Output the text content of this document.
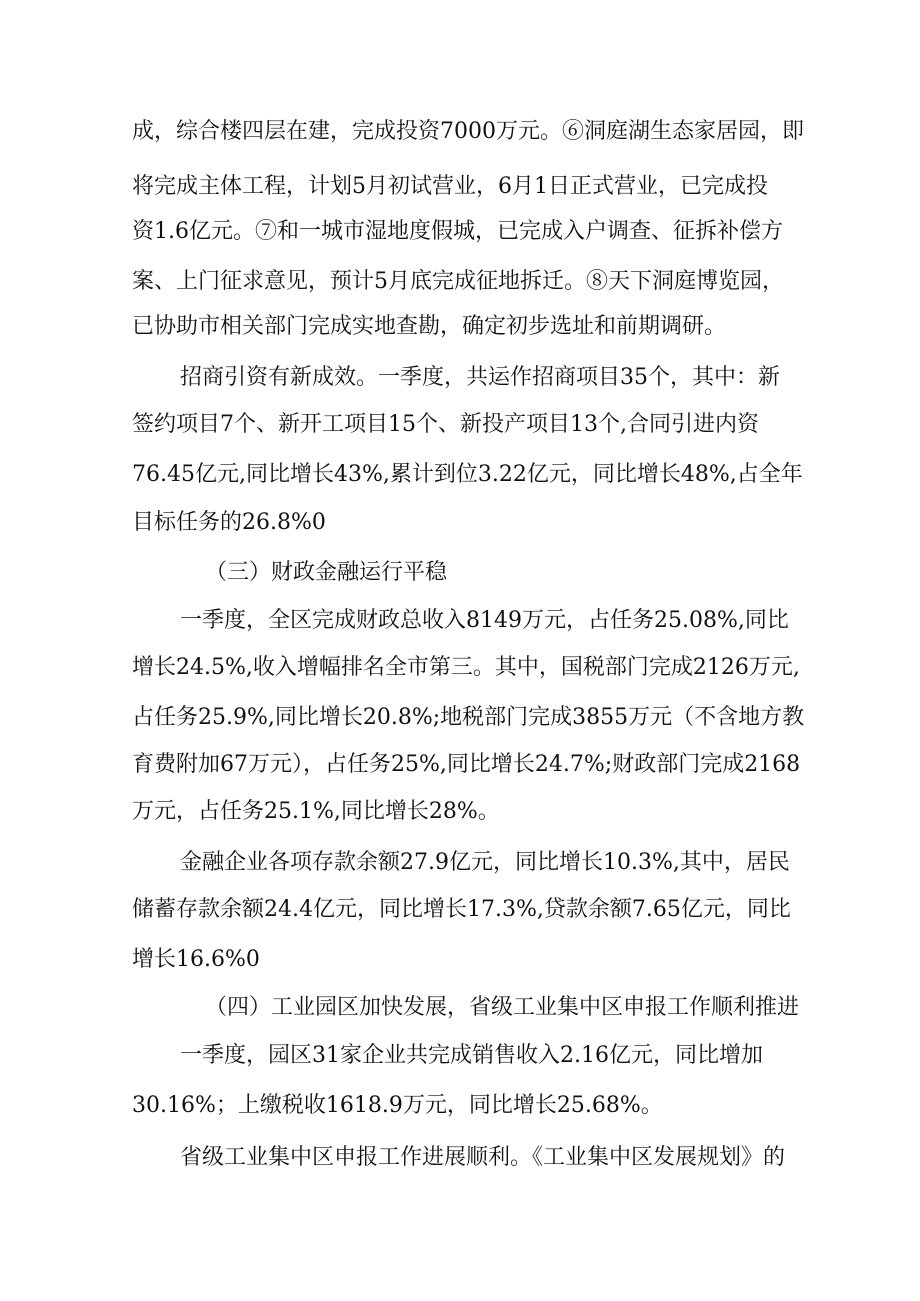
成，综合楼四层在建，完成投资7000万元。⑥洞庭湖生态家居园，即
将完成主体工程，计划5月初试营业，6月1日正式营业，已完成投
资1.6亿元。⑦和一城市湿地度假城，已完成入户调查、征拆补偿方
案、上门征求意见，预计5月底完成征地拆迁。⑧天下洞庭博览园，
已协助市相关部门完成实地查勘，确定初步选址和前期调研。
招商引资有新成效。一季度，共运作招商项目35个，其中：新
签约项目7个、新开工项目15个、新投产项目13个,合同引进内资
76.45亿元,同比增长43%,累计到位3.22亿元，同比增长48%,占全年
目标任务的26.8%0
（三）财政金融运行平稳
一季度，全区完成财政总收入8149万元，占任务25.08%,同比
增长24.5%,收入增幅排名全市第三。其中，国税部门完成2126万元,
占任务25.9%,同比增长20.8%;地税部门完成3855万元（不含地方教
育费附加67万元），占任务25%,同比增长24.7%;财政部门完成2168
万元，占任务25.1%,同比增长28%。
金融企业各项存款余额27.9亿元，同比增长10.3%,其中，居民
储蓄存款余额24.4亿元，同比增长17.3%,贷款余额7.65亿元，同比
增长16.6%0
（四）工业园区加快发展，省级工业集中区申报工作顺利推进
一季度，园区31家企业共完成销售收入2.16亿元，同比增加
30.16%；上缴税收1618.9万元，同比增长25.68%。
省级工业集中区申报工作进展顺利。《工业集中区发展规划》的
